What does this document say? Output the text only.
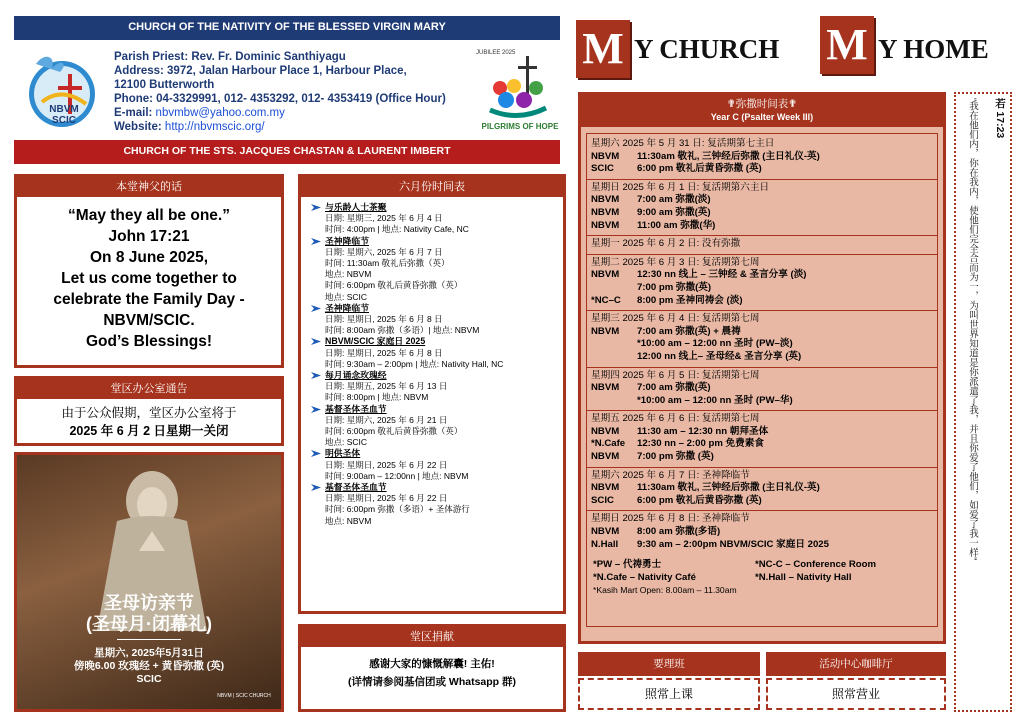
CHURCH OF THE NATIVITY OF THE BLESSED VIRGIN MARY
NBVM SCIC
Parish Priest: Rev. Fr. Dominic Santhiyagu
Address: 3972, Jalan Harbour Place 1, Harbour Place,
12100 Butterworth
Phone: 04-3329991, 012- 4353292, 012- 4353419 (Office Hour)
E-mail: nbvmbw@yahoo.com.my
Website: http://nbvmscic.org/
JUBILEE 2025
PILGRIMS OF HOPE
CHURCH OF THE STS. JACQUES CHASTAN & LAURENT IMBERT
本堂神父的话
“May they all be one.”
John 17:21
On 8 June 2025,
Let us come together to
celebrate the Family Day -
NBVM/SCIC.
God’s Blessings!
堂区办公室通告
由于公众假期，堂区办公室将于
2025 年 6 月 2 日星期一关闭
圣母访亲节
(圣母月·闭幕礼)
星期六, 2025年5月31日
傍晚6.00 玫瑰经 + 黄昏弥撒 (英)
SCIC
NBVM | SCIC CHURCH
六月份时间表
与乐龄人士茶聚
日期: 星期三, 2025 年 6 月 4 日
时间: 4:00pm | 地点: Nativity Cafe, NC
圣神降临节
日期: 星期六, 2025 年 6 月 7 日
时间: 11:30am 敬礼后弥撒（英）
地点: NBVM
时间: 6:00pm 敬礼后黄昏弥撒（英）
地点: SCIC
圣神降临节
日期: 星期日, 2025 年 6 月 8 日
时间: 8:00am 弥撒（多语）| 地点: NBVM
NBVM/SCIC 家庭日 2025
日期: 星期日, 2025 年 6 月 8 日
时间: 9:30am – 2:00pm | 地点: Nativity Hall, NC
每月诵念玫瑰经
日期: 星期五, 2025 年 6 月 13 日
时间: 8:00pm | 地点: NBVM
基督圣体圣血节
日期: 星期六, 2025 年 6 月 21 日
时间: 6:00pm 敬礼后黄昏弥撒（英）
地点: SCIC
明供圣体
日期: 星期日, 2025 年 6 月 22 日
时间: 9:00am – 12:00nn | 地点: NBVM
基督圣体圣血节
日期: 星期日, 2025 年 6 月 22 日
时间: 6:00pm 弥撒（多语）+ 圣体游行
地点: NBVM
堂区捐献
感谢大家的慷慨解囊! 主佑!
(详情请参阅基信团或 Whatsapp 群)
M Y CHURCH M Y HOME
✟弥撒时间表✟
Year C (Psalter Week III)
星期六 2025 年 5 月 31 日: 复活期第七主日
NBVM 11:30am 敬礼, 三钟经后弥撒 (主日礼仪-英)
SCIC 6:00 pm 敬礼后黄昏弥撒 (英)
星期日 2025 年 6 月 1 日: 复活期第六主日
NBVM 7:00 am 弥撒(淡)
NBVM 9:00 am 弥撒(英)
NBVM 11:00 am 弥撒(华)
星期一 2025 年 6 月 2 日: 没有弥撒
星期二 2025 年 6 月 3 日: 复活期第七周
NBVM 12:30 nn 线上 – 三钟经 & 圣言分享 (淡)
7:00 pm 弥撒(英)
*NC–C 8:00 pm 圣神同祷会 (淡)
星期三 2025 年 6 月 4 日: 复活期第七周
NBVM 7:00 am 弥撒(英) + 晨祷
*10:00 am – 12:00 nn 圣时 (PW–淡)
12:00 nn 线上– 圣母经& 圣言分享 (英)
星期四 2025 年 6 月 5 日: 复活期第七周
NBVM 7:00 am 弥撒(英)
*10:00 am – 12:00 nn 圣时 (PW–华)
星期五 2025 年 6 月 6 日: 复活期第七周
NBVM 11:30 am – 12:30 nn 朝拜圣体
*N.Cafe 12:30 nn – 2:00 pm 免费素食
NBVM 7:00 pm 弥撒 (英)
星期六 2025 年 6 月 7 日: 圣神降临节
NBVM 11:30am 敬礼, 三钟经后弥撒 (主日礼仪-英)
SCIC 6:00 pm 敬礼后黄昏弥撒 (英)
星期日 2025 年 6 月 8 日: 圣神降临节
NBVM 8:00 am 弥撒(多语)
N.Hall 9:30 am – 2:00pm NBVM/SCIC 家庭日 2025
*PW – 代祷勇士	*NC-C – Conference Room
*N.Cafe – Nativity Café	*N.Hall – Nativity Hall
*Kasih Mart Open: 8.00am – 11.30am
要理班
照常上课
活动中心咖啡厅
照常营业
若 17:23

“我在他们内，你在我内，使他们完全合而为一，为叫世界知道是你派遣了我，并且你爱了他们，如爱了我一样”
